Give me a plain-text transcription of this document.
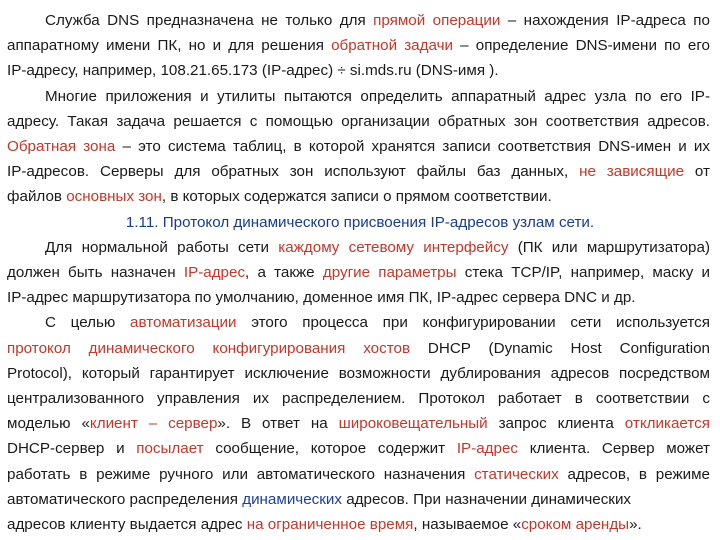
Служба DNS предназначена не только для прямой операции – нахождения IP-адреса по
аппаратному имени ПК, но и для решения обратной задачи – определение DNS-имени по его
IP-адресу, например, 108.21.65.173 (IP-адрес) ÷ si.mds.ru (DNS-имя ).
Многие приложения и утилиты пытаются определить аппаратный адрес узла по его IP-
адресу. Такая задача решается с помощью организации обратных зон соответствия адресов.
Обратная зона – это система таблиц, в которой хранятся записи соответствия DNS-имен и их
IP-адресов. Серверы для обратных зон используют файлы баз данных, не зависящие от
файлов основных зон, в которых содержатся записи о прямом соответствии.
1.11. Протокол динамического присвоения IP-адресов узлам сети.
Для нормальной работы сети каждому сетевому интерфейсу (ПК или маршрутизатора)
должен быть назначен IP-адрес, а также другие параметры стека TCP/IP, например, маску и
IP-адрес маршрутизатора по умолчанию, доменное имя ПК, IP-адрес сервера DNC и др.
С целью автоматизации этого процесса при конфигурировании сети используется
протокол динамического конфигурирования хостов DHCP (Dynamic Host Configuration
Protocol), который гарантирует исключение возможности дублирования адресов посредством
централизованного управления их распределением. Протокол работает в соответствии с
моделью «клиент – сервер». В ответ на широковещательный запрос клиента откликается
DHCP-сервер и посылает сообщение, которое содержит IP-адрес клиента. Сервер может
работать в режиме ручного или автоматического назначения статических адресов, в режиме
автоматического распределения динамических адресов. При назначении динамических
адресов клиенту выдается адрес на ограниченное время, называемое «сроком аренды».
